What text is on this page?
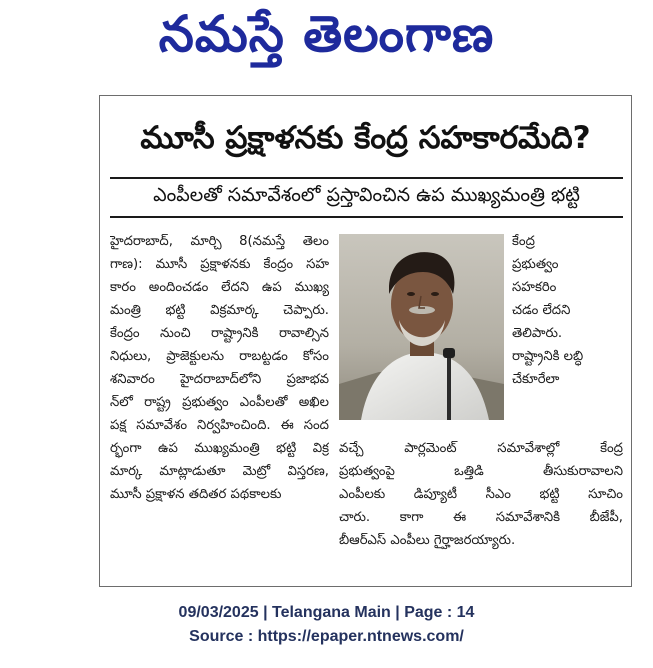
నమస్తే తెలంగాణ
మూసీ ప్రక్షాళనకు కేంద్ర సహకారమేది?
ఎంపీలతో సమావేశంలో ప్రస్తావించిన ఉప ముఖ్యమంత్రి భట్టి
హైదరాబాద్, మార్చి 8(నమస్తే తెలం
గాణ): మూసీ ప్రక్షాళనకు కేంద్రం సహ
కారం అందించడం లేదని ఉప ముఖ్య
మంత్రి భట్టి విక్రమార్క చెప్పారు.
కేంద్రం నుంచి రాష్ట్రానికి రావాల్సిన
నిధులు, ప్రాజెక్టులను రాబట్టడం కోసం
శనివారం హైదరాబాద్‌లోని ప్రజాభవ
న్‌లో రాష్ట్ర ప్రభుత్వం ఎంపీలతో అఖిల
పక్ష సమావేశం నిర్వహించింది. ఈ సంద
ర్భంగా ఉప ముఖ్యమంత్రి భట్టి విక్ర
మార్క మాట్లాడుతూ మెట్రో విస్తరణ,
మూసీ ప్రక్షాళన తదితర పథకాలకు
కేంద్ర
ప్రభుత్వం
సహకరిం
చడం లేదని
తెలిపారు.
రాష్ట్రానికి లబ్ధి
చేకూరేలా
వచ్చే పార్లమెంట్ సమావేశాల్లో కేంద్ర
ప్రభుత్వంపై ఒత్తిడి తీసుకురావాలని
ఎంపీలకు డిప్యూటీ సీఎం భట్టి సూచిం
చారు. కాగా ఈ సమావేశానికి బీజేపీ,
బీఆర్ఎస్ ఎంపీలు గైర్హాజరయ్యారు.
09/03/2025 | Telangana Main | Page : 14
Source : https://epaper.ntnews.com/
